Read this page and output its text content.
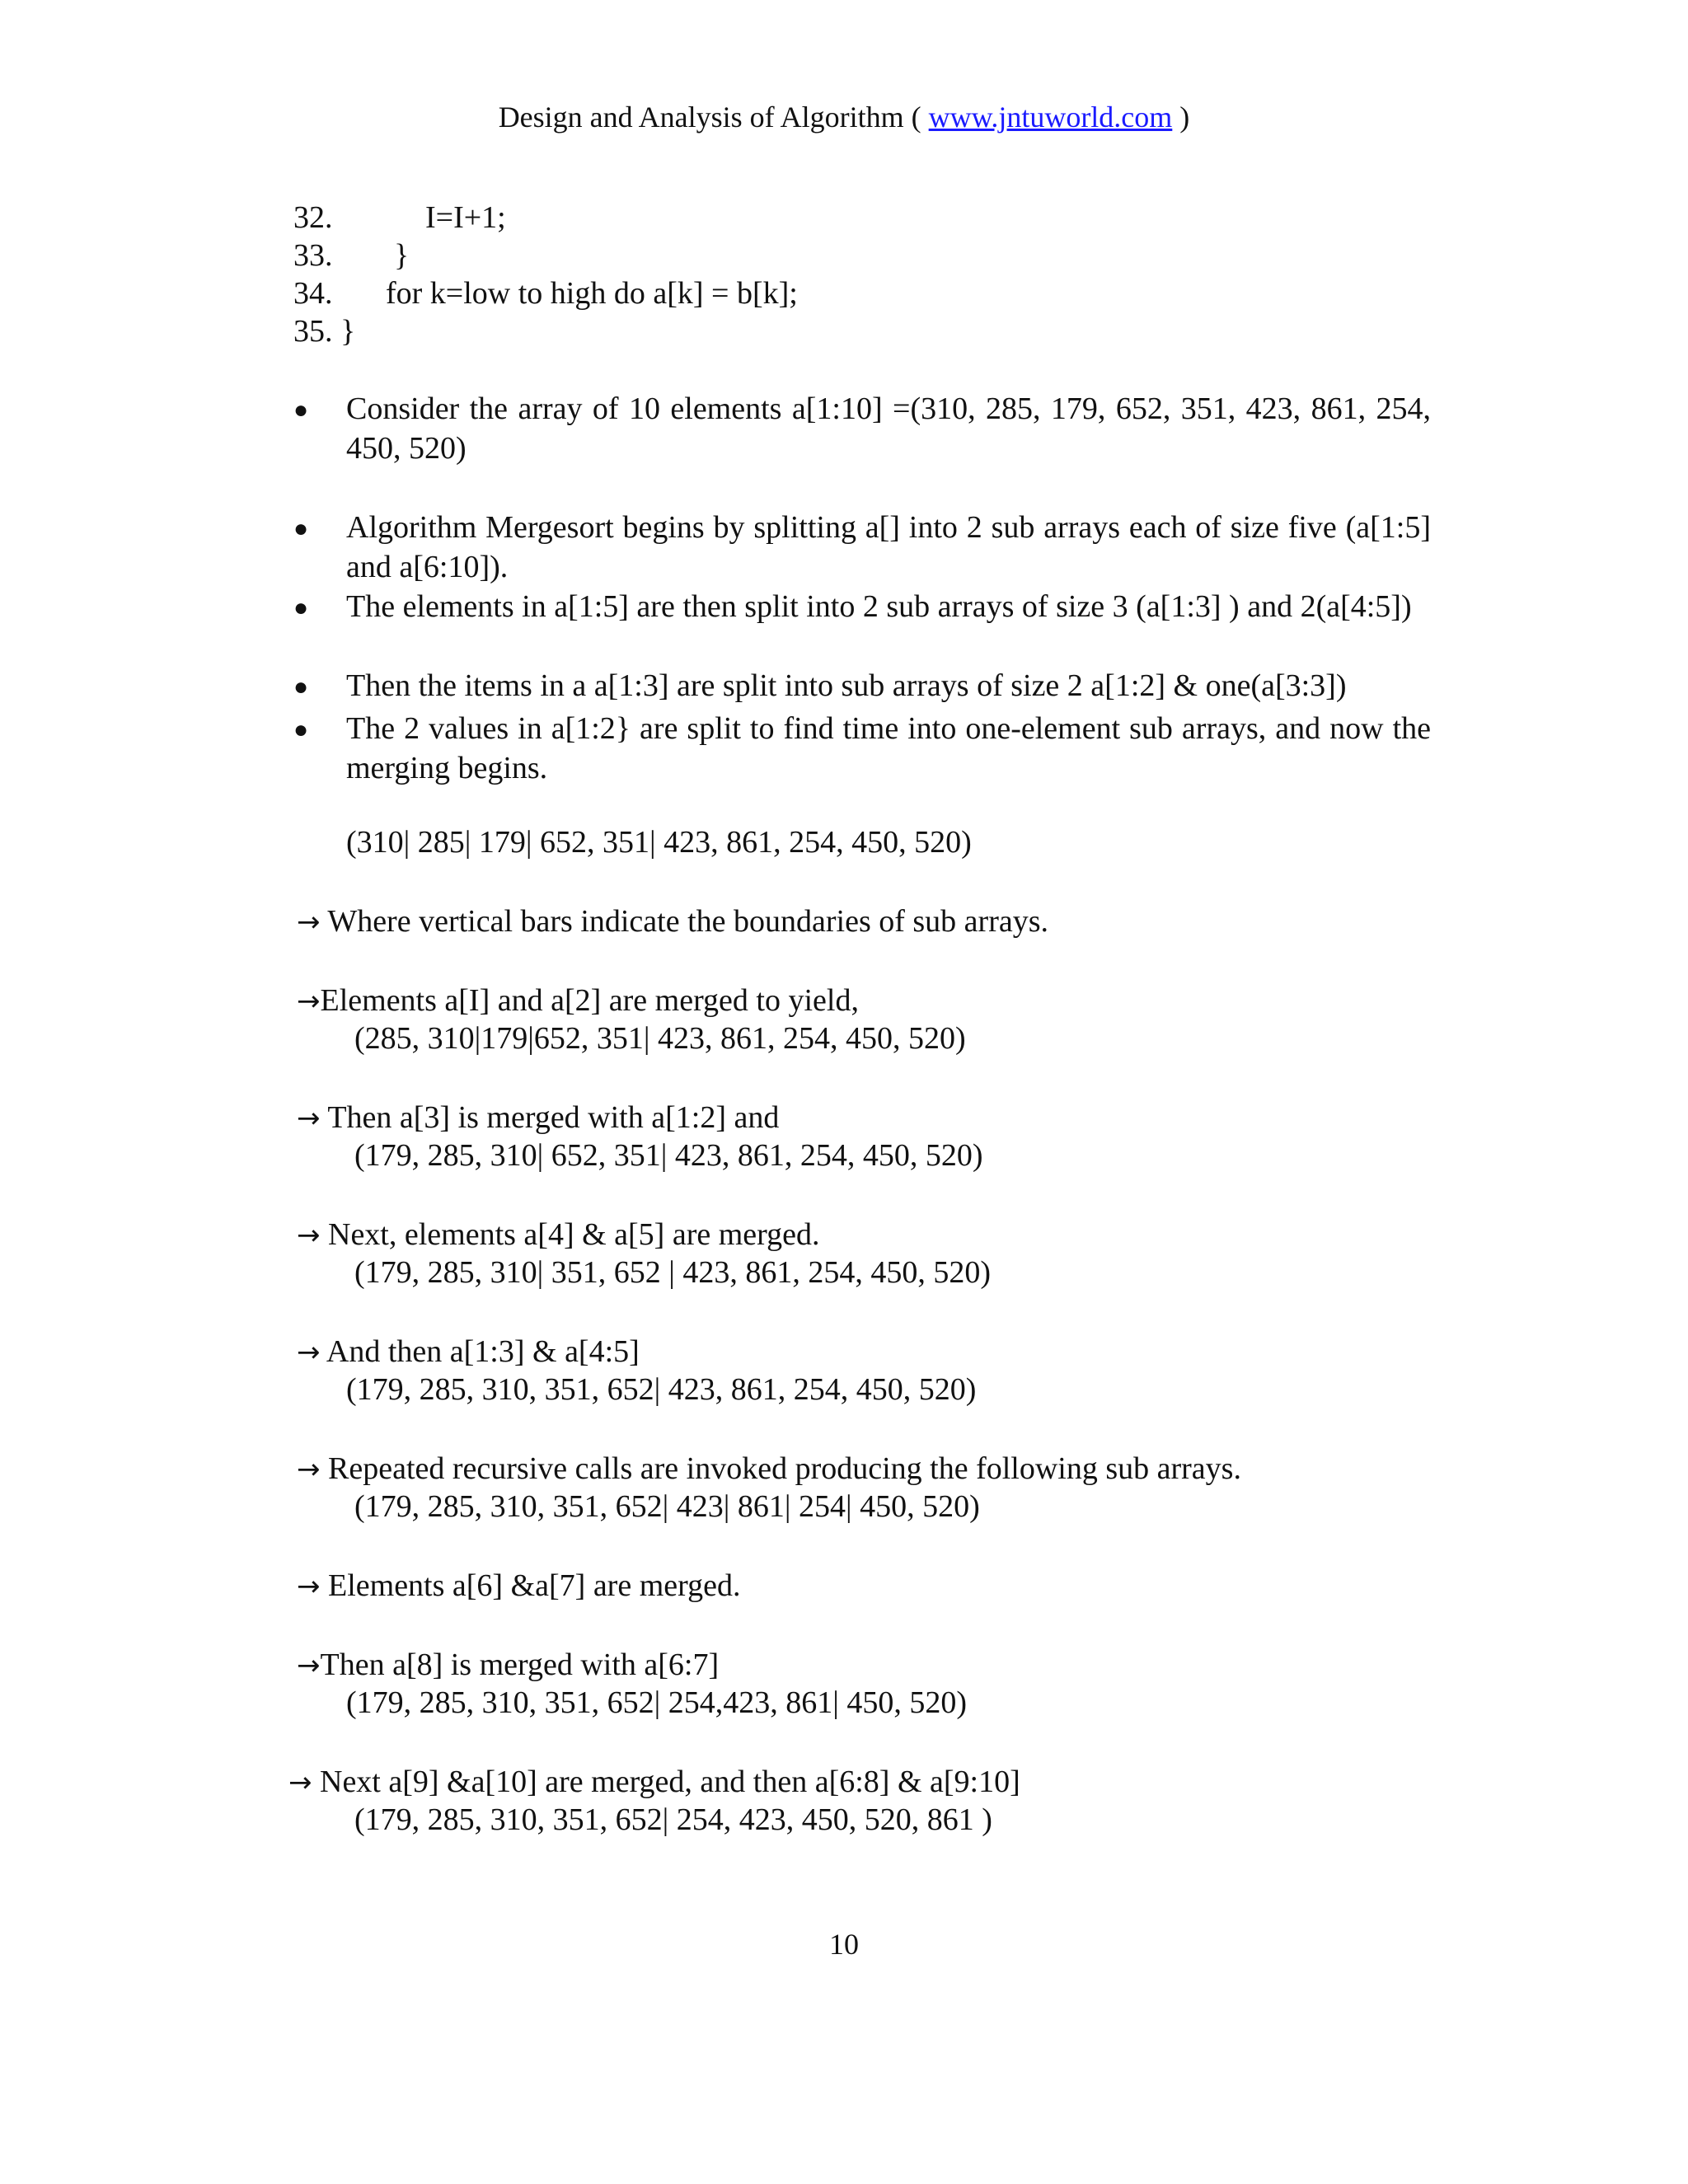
Design and Analysis of Algorithm ( www.jntuworld.com )
32.	I=I+1;
33. }
34. for k=low to high do a[k] = b[k];
35. }
● Consider the array of 10 elements a[1:10] =(310, 285, 179, 652, 351, 423, 861, 254, 450, 520)
● Algorithm Mergesort begins by splitting a[] into 2 sub arrays each of size five (a[1:5] and a[6:10]).
● The elements in a[1:5] are then split into 2 sub arrays of size 3 (a[1:3] ) and 2(a[4:5])
● Then the items in a a[1:3] are split into sub arrays of size 2 a[1:2] & one(a[3:3])
● The 2 values in a[1:2} are split to find time into one-element sub arrays, and now the merging begins.
(310| 285| 179| 652, 351| 423, 861, 254, 450, 520)
→ Where vertical bars indicate the boundaries of sub arrays.
→Elements a[I] and a[2] are merged to yield,
(285, 310|179|652, 351| 423, 861, 254, 450, 520)
→ Then a[3] is merged with a[1:2] and
(179, 285, 310| 652, 351| 423, 861, 254, 450, 520)
→ Next, elements a[4] & a[5] are merged.
(179, 285, 310| 351, 652 | 423, 861, 254, 450, 520)
→ And then a[1:3] & a[4:5]
(179, 285, 310, 351, 652| 423, 861, 254, 450, 520)
→ Repeated recursive calls are invoked producing the following sub arrays.
(179, 285, 310, 351, 652| 423| 861| 254| 450, 520)
→ Elements a[6] &a[7] are merged.
→Then a[8] is merged with a[6:7]
(179, 285, 310, 351, 652| 254,423, 861| 450, 520)
→ Next a[9] &a[10] are merged, and then a[6:8] & a[9:10]
(179, 285, 310, 351, 652| 254, 423, 450, 520, 861 )
10
